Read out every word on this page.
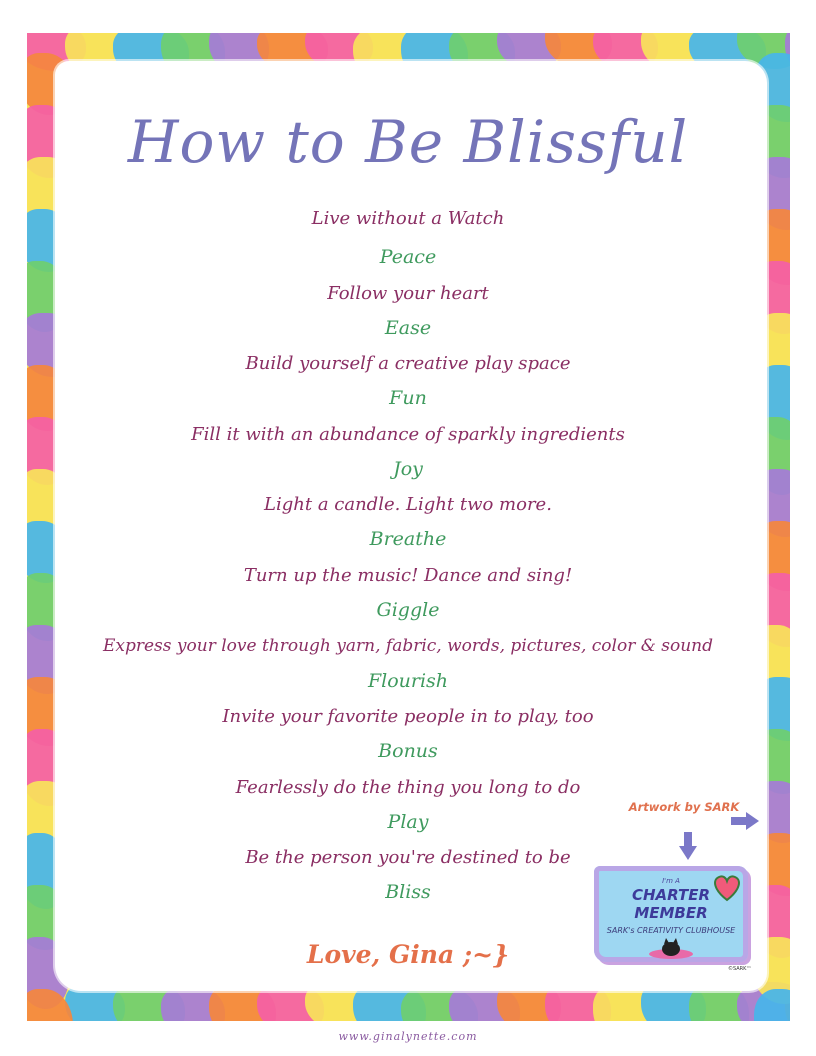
How to Be Blissful
Live without a Watch
Peace
Follow your heart
Ease
Build yourself a creative play space
Fun
Fill it with an abundance of sparkly ingredients
Joy
Light a candle. Light two more.
Breathe
Turn up the music! Dance and sing!
Giggle
Express your love through yarn, fabric, words, pictures, color & sound
Flourish
Invite your favorite people in to play, too
Bonus
Fearlessly do the thing you long to do
Play
Be the person you're destined to be
Bliss
Artwork by SARK
I'm A
CHARTER
MEMBER
SARK's CREATIVITY CLUBHOUSE
©SARK™
Love, Gina ;~}
www.ginalynette.com
